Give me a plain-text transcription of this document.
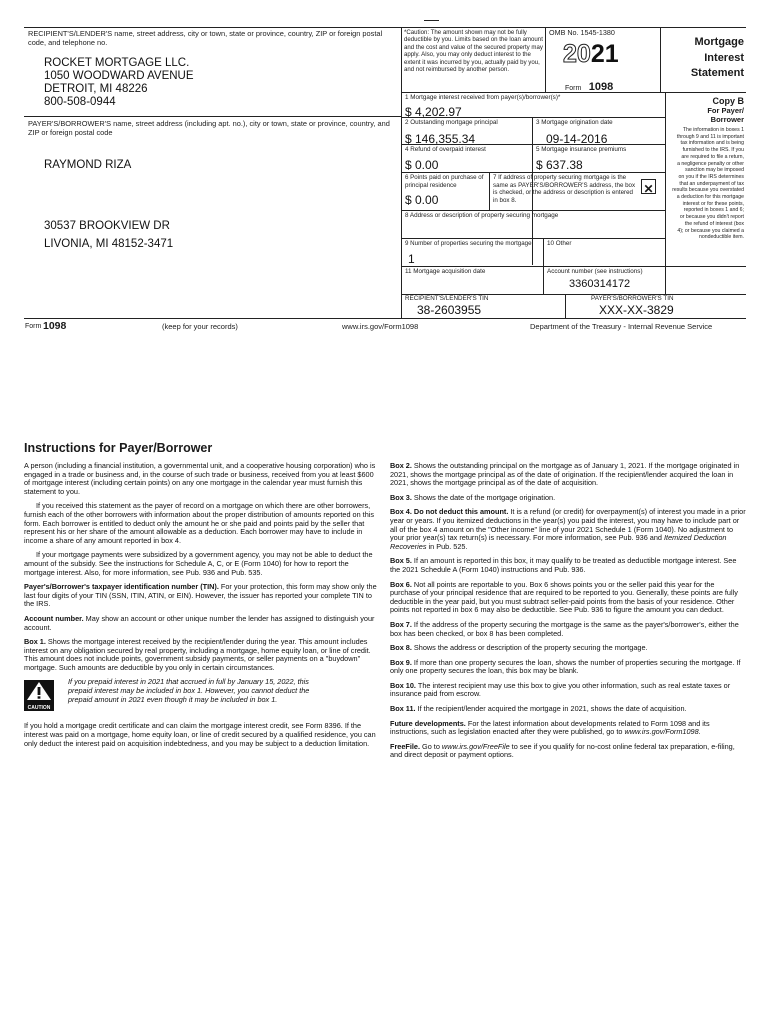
RECIPIENT'S/LENDER'S name, street address, city or town, state or province, country, ZIP or foreign postal code, and telephone no.
ROCKET MORTGAGE LLC.
1050 WOODWARD AVENUE
DETROIT, MI 48226
800-508-0944
PAYER'S/BORROWER'S name, street address (including apt. no.), city or town, state or province, country, and ZIP or foreign postal code
RAYMOND RIZA
30537 BROOKVIEW DR
LIVONIA, MI 48152-3471
*Caution: The amount shown may not be fully deductible by you. Limits based on the loan amount and the cost and value of the secured property may apply. Also, you may only deduct interest to the extent it was incurred by you, actually paid by you, and not reimbursed by another person.
OMB No. 1545-1380
2021
Form 1098
Mortgage
Interest
Statement
1 Mortgage interest received from payer(s)/borrower(s)*
$ 4,202.97
Copy B
For Payer/
Borrower
The information in boxes 1
through 9 and 11 is important
tax information and is being
furnished to the IRS. If you
are required to file a return,
a negligence penalty or other
sanction may be imposed
on you if the IRS determines
that an underpayment of tax
results because you overstated
a deduction for this mortgage
interest or for these points,
reported in boxes 1 and 6;
or because you didn't report
the refund of interest (box
4); or because you claimed a
nondeductible item.
2 Outstanding mortgage principal
$ 146,355.34
3 Mortgage origination date
09-14-2016
4 Refund of overpaid interest
$ 0.00
5 Mortgage insurance premiums
$ 637.38
6 Points paid on purchase of principal residence
$ 0.00
7 If address of property securing mortgage is the same as PAYER'S/BORROWER'S address, the box is checked, or the address or description is entered in box 8.
✕
8 Address or description of property securing mortgage
9 Number of properties securing the mortgage
1
10 Other
11 Mortgage acquisition date	Account number (see instructions)
3360314172
RECIPIENT'S/LENDER'S TIN
38-2603955
PAYER'S/BORROWER'S TIN
XXX-XX-3829
Form 1098	(keep for your records)	www.irs.gov/Form1098	Department of the Treasury - Internal Revenue Service
Instructions for Payer/Borrower

A person (including a financial institution, a governmental unit, and a cooperative housing corporation) who is engaged in a trade or business and, in the course of such trade or business, received from you at least $600 of mortgage interest (including certain points) on any one mortgage in the calendar year must furnish this statement to you.

If you received this statement as the payer of record on a mortgage on which there are other borrowers, furnish each of the other borrowers with information about the proper distribution of amounts reported on this form. Each borrower is entitled to deduct only the amount he or she paid and points paid by the seller that represent his or her share of the amount allowable as a deduction. Each borrower may have to include in income a share of any amount reported in box 4.

If your mortgage payments were subsidized by a government agency, you may not be able to deduct the amount of the subsidy. See the instructions for Schedule A, C, or E (Form 1040) for how to report the mortgage interest. Also, for more information, see Pub. 936 and Pub. 535.

Payer's/Borrower's taxpayer identification number (TIN). For your protection, this form may show only the last four digits of your TIN (SSN, ITIN, ATIN, or EIN). However, the issuer has reported your complete TIN to the IRS.

Account number. May show an account or other unique number the lender has assigned to distinguish your account.

Box 1. Shows the mortgage interest received by the recipient/lender during the year. This amount includes interest on any obligation secured by real property, including a mortgage, home equity loan, or line of credit. This amount does not include points, government subsidy payments, or seller payments on a "buydown" mortgage. Such amounts are deductible by you only in certain circumstances.

CAUTION
If you prepaid interest in 2021 that accrued in full by January 15, 2022, this prepaid interest may be included in box 1. However, you cannot deduct the prepaid amount in 2021 even though it may be included in box 1.

If you hold a mortgage credit certificate and can claim the mortgage interest credit, see Form 8396. If the interest was paid on a mortgage, home equity loan, or line of credit secured by a qualified residence, you can only deduct the interest paid on acquisition indebtedness, and you may be subject to a deduction limitation.

Box 2. Shows the outstanding principal on the mortgage as of January 1, 2021. If the mortgage originated in 2021, shows the mortgage principal as of the date of origination. If the recipient/lender acquired the loan in 2021, shows the mortgage principal as of the date of acquisition.

Box 3. Shows the date of the mortgage origination.

Box 4. Do not deduct this amount. It is a refund (or credit) for overpayment(s) of interest you made in a prior year or years. If you itemized deductions in the year(s) you paid the interest, you may have to include part or all of the box 4 amount on the "Other income" line of your 2021 Schedule 1 (Form 1040). No adjustment to your prior year(s) tax return(s) is necessary. For more information, see Pub. 936 and Itemized Deduction Recoveries in Pub. 525.

Box 5. If an amount is reported in this box, it may qualify to be treated as deductible mortgage interest. See the 2021 Schedule A (Form 1040) instructions and Pub. 936.

Box 6. Not all points are reportable to you. Box 6 shows points you or the seller paid this year for the purchase of your principal residence that are required to be reported to you. Generally, these points are fully deductible in the year paid, but you must subtract seller-paid points from the basis of your residence. Other points not reported in box 6 may also be deductible. See Pub. 936 to figure the amount you can deduct.

Box 7. If the address of the property securing the mortgage is the same as the payer's/borrower's, either the box has been checked, or box 8 has been completed.

Box 8. Shows the address or description of the property securing the mortgage.

Box 9. If more than one property secures the loan, shows the number of properties securing the mortgage. If only one property secures the loan, this box may be blank.

Box 10. The interest recipient may use this box to give you other information, such as real estate taxes or insurance paid from escrow.

Box 11. If the recipient/lender acquired the mortgage in 2021, shows the date of acquisition.

Future developments. For the latest information about developments related to Form 1098 and its instructions, such as legislation enacted after they were published, go to www.irs.gov/Form1098.

FreeFile. Go to www.irs.gov/FreeFile to see if you qualify for no-cost online federal tax preparation, e-filing, and direct deposit or payment options.
